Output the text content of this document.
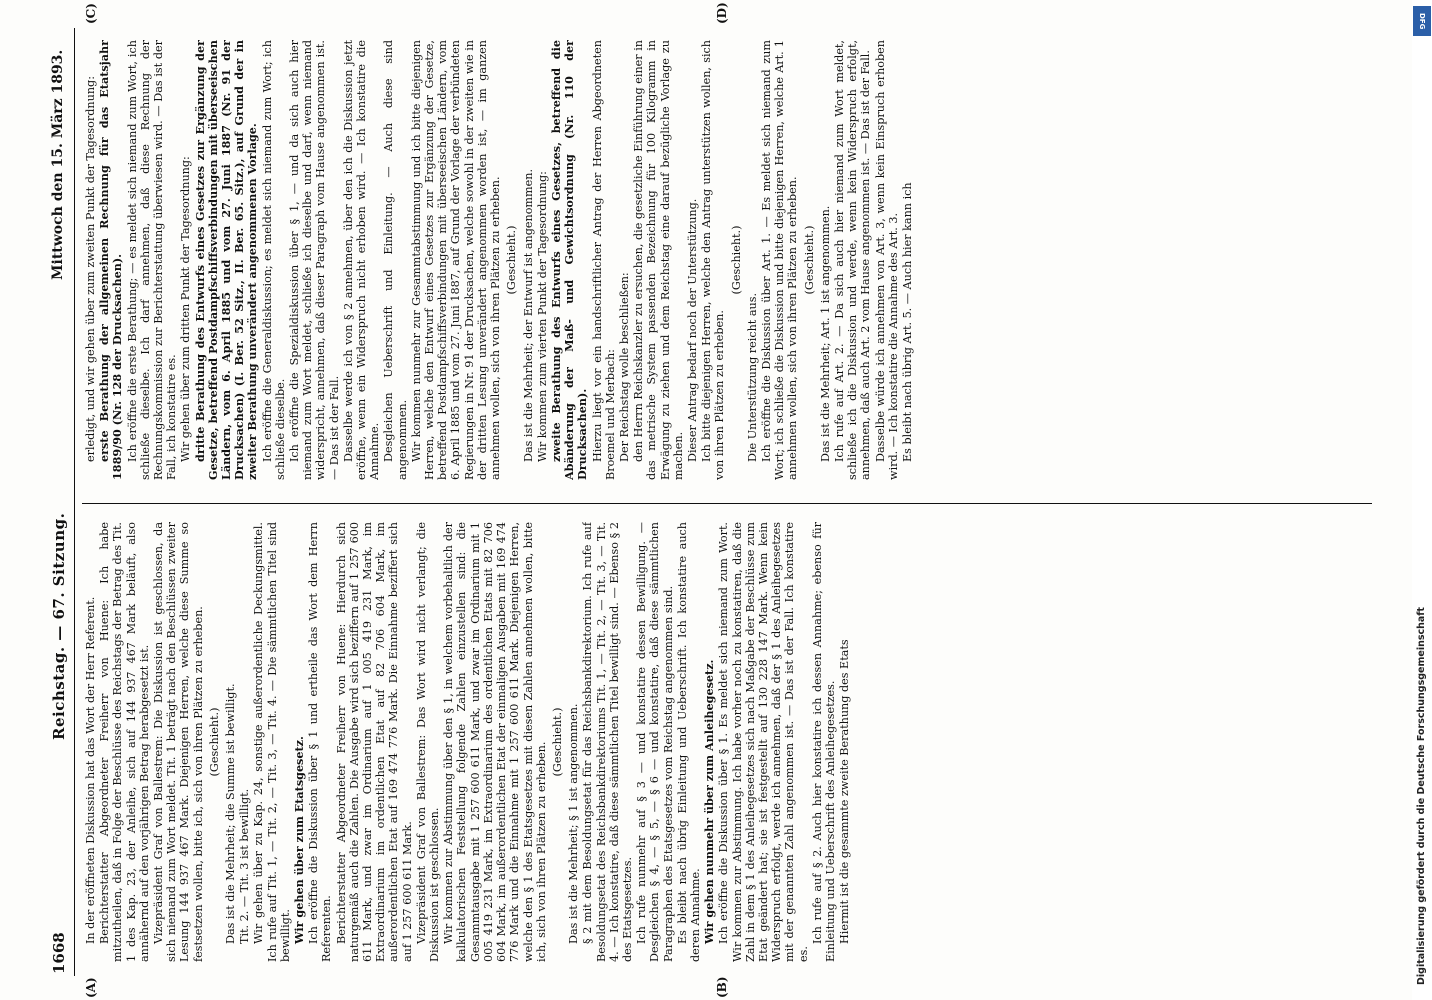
1668
Reichstag. — 67. Sitzung.
Mittwoch den 15. März 1893.
(A)	(B)
(C)	(D)

In der eröffneten Diskussion hat das Wort der Herr Referent. Berichterstatter Abgeordneter Freiherr von Huene: Ich habe mitzutheilen, daß in Folge der Beschlüsse des Reichstags der Betrag des Tit. 1 des Kap. 23, der Anleihe, sich auf 144 937 467 Mark beläuft, also annähernd auf den vorjährigen Betrag herabgesetzt ist. Vizepräsident Graf von Ballestrem: Die Diskussion ist geschlossen, da sich niemand zum Wort meldet. Tit. 1 beträgt nach den Beschlüssen zweiter Lesung 144 937 467 Mark. Diejenigen Herren, welche diese Summe so festsetzen wollen, bitte ich, sich von ihren Plätzen zu erheben. (Geschieht.) Das ist die Mehrheit; die Summe ist bewilligt. Tit. 2. — Tit. 3 ist bewilligt. Wir gehen über zu Kap. 24, sonstige außerordentliche Deckungsmittel. Ich rufe auf Tit. 1, — Tit. 2, — Tit. 3, — Tit. 4. — Die sämmtlichen Titel sind bewilligt. Wir gehen über zum Etatsgesetz. Ich eröffne die Diskussion über § 1 und ertheile das Wort dem Herrn Referenten. Berichterstatter Abgeordneter Freiherr von Huene: Hierdurch sich naturgemäß auch die Zahlen. Die Ausgabe wird sich beziffern auf 1 257 600 611 Mark, und zwar im Ordinarium auf 1 005 419 231 Mark, im Extraordinarium im ordentlichen Etat auf 82 706 604 Mark, im außerordentlichen Etat auf 169 474 776 Mark. Die Einnahme beziffert sich auf 1 257 600 611 Mark. Vizepräsident Graf von Ballestrem: Das Wort wird nicht verlangt; die Diskussion ist geschlossen. Wir kommen zur Abstimmung über den § 1, in welchem vorbehaltlich der kalkulatorischen Feststellung folgende Zahlen einzustellen sind: die Gesammtausgabe mit 1 257 600 611 Mark, und zwar im Ordinarium mit 1 005 419 231 Mark, im Extraordinarium des ordentlichen Etats mit 82 706 604 Mark, im außerordentlichen Etat der einmaligen Ausgaben mit 169 474 776 Mark und die Einnahme mit 1 257 600 611 Mark. Diejenigen Herren, welche den § 1 des Etatsgesetzes mit diesen Zahlen annehmen wollen, bitte ich, sich von ihren Plätzen zu erheben. (Geschieht.) Das ist die Mehrheit; § 1 ist angenommen. § 2 mit dem Besoldungsetat für das Reichsbankdirektorium. Ich rufe auf Besoldungsetat des Reichsbankdirektoriums Tit. 1, — Tit. 2, — Tit. 3, — Tit. 4. — Ich konstatire, daß diese sämmtlichen Titel bewilligt sind. — Ebenso § 2 des Etatsgesetzes. Ich rufe nunmehr auf § 3 — und konstatire dessen Bewilligung. — Desgleichen § 4, — § 5, — § 6 — und konstatire, daß diese sämmtlichen Paragraphen des Etatsgesetzes vom Reichstag angenommen sind. Es bleibt nach übrig Einleitung und Ueberschrift. Ich konstatire auch deren Annahme. Wir gehen nunmehr über zum Anleihegesetz. Ich eröffne die Diskussion über § 1. Es meldet sich niemand zum Wort. Wir kommen zur Abstimmung. Ich habe vorher noch zu konstatiren, daß die Zahl in dem § 1 des Anleihegesetzes sich nach Maßgabe der Beschlüsse zum Etat geändert hat; sie ist festgestellt auf 130 228 147 Mark. Wenn kein Widerspruch erfolgt, werde ich annehmen, daß der § 1 des Anleihegesetzes mit der genannten Zahl angenommen ist. — Das ist der Fall. Ich konstatire es.

Ich rufe auf § 2. Auch hier konstatire ich dessen Annahme; ebenso für Einleitung und Ueberschrift des Anleihegesetzes. Hiermit ist die gesammte zweite Berathung des Etats

erledigt, und wir gehen über zum zweiten Punkt der Tagesordnung: erste Berathung der allgemeinen Rechnung für das Etatsjahr 1889/90 (Nr. 128 der Drucksachen). Ich eröffne die erste Berathung; — es meldet sich niemand zum Wort, ich schließe dieselbe. Ich darf annehmen, daß diese Rechnung der Rechnungskommission zur Berichterstattung überwiesen wird. — Das ist der Fall, ich konstatire es. Wir gehen über zum dritten Punkt der Tagesordnung: dritte Berathung des Entwurfs eines Gesetzes zur Ergänzung der Gesetze, betreffend Postdampfschiffsverbindungen mit überseeischen Ländern, vom 6. April 1885 und vom 27. Juni 1887 (Nr. 91 der Drucksachen) (I. Ber. 52 Sitz., II. Ber. 65. Sitz.), auf Grund der in zweiter Berathung unverändert angenommenen Vorlage. Ich eröffne die Generaldiskussion; es meldet sich niemand zum Wort; ich schließe dieselbe. Ich eröffne die Spezialdiskussion über § 1, — und da sich auch hier niemand zum Wort meldet, schließe ich dieselbe und darf, wenn niemand widerspricht, annehmen, daß dieser Paragraph vom Hause angenommen ist. — Das ist der Fall. Dasselbe werde ich von § 2 annehmen, über den ich die Diskussion jetzt eröffne, wenn ein Widerspruch nicht erhoben wird. — Ich konstatire die Annahme. Desgleichen Ueberschrift und Einleitung. — Auch diese sind angenommen. Wir kommen nunmehr zur Gesammtabstimmung und ich bitte diejenigen Herren, welche den Entwurf eines Gesetzes zur Ergänzung der Gesetze, betreffend Postdampfschiffsverbindungen mit überseeischen Ländern, vom 6. April 1885 und vom 27. Juni 1887, auf Grund der Vorlage der verbündeten Regierungen in Nr. 91 der Drucksachen, welche sowohl in der zweiten wie in der dritten Lesung unverändert angenommen worden ist, — im ganzen annehmen wollen, sich von ihren Plätzen zu erheben. (Geschieht.) Das ist die Mehrheit; der Entwurf ist angenommen. Wir kommen zum vierten Punkt der Tagesordnung: zweite Berathung des Entwurfs eines Gesetzes, betreffend die Abänderung der Maß- und Gewichtsordnung (Nr. 110 der Drucksachen). Hierzu liegt vor ein handschriftlicher Antrag der Herren Abgeordneten Broemel und Merbach: Der Reichstag wolle beschließen: den Herrn Reichskanzler zu ersuchen, die gesetzliche Einführung einer in das metrische System passenden Bezeichnung für 100 Kilogramm in Erwägung zu ziehen und dem Reichstag eine darauf bezügliche Vorlage zu machen. Dieser Antrag bedarf noch der Unterstützung. Ich bitte diejenigen Herren, welche den Antrag unterstützen wollen, sich von ihren Plätzen zu erheben.

(Geschieht.)

Die Unterstützung reicht aus. Ich eröffne die Diskussion über Art. 1. — Es meldet sich niemand zum Wort; ich schließe die Diskussion und bitte diejenigen Herren, welche Art. 1 annehmen wollen, sich von ihren Plätzen zu erheben. (Geschieht.) Das ist die Mehrheit; Art. 1 ist angenommen. Ich rufe auf Art. 2. — Da sich auch hier niemand zum Wort meldet, schließe ich die Diskussion und werde, wenn kein Widerspruch erfolgt, annehmen, daß auch Art. 2 vom Hause angenommen ist. — Das ist der Fall. Dasselbe würde ich annehmen von Art. 3, wenn kein Einspruch erhoben wird. — Ich konstatire die Annahme des Art. 3. Es bleibt nach übrig Art. 5. — Auch hier kann ich

Digitalisierung gefördert durch die Deutsche Forschungsgemeinschaft
DFG
